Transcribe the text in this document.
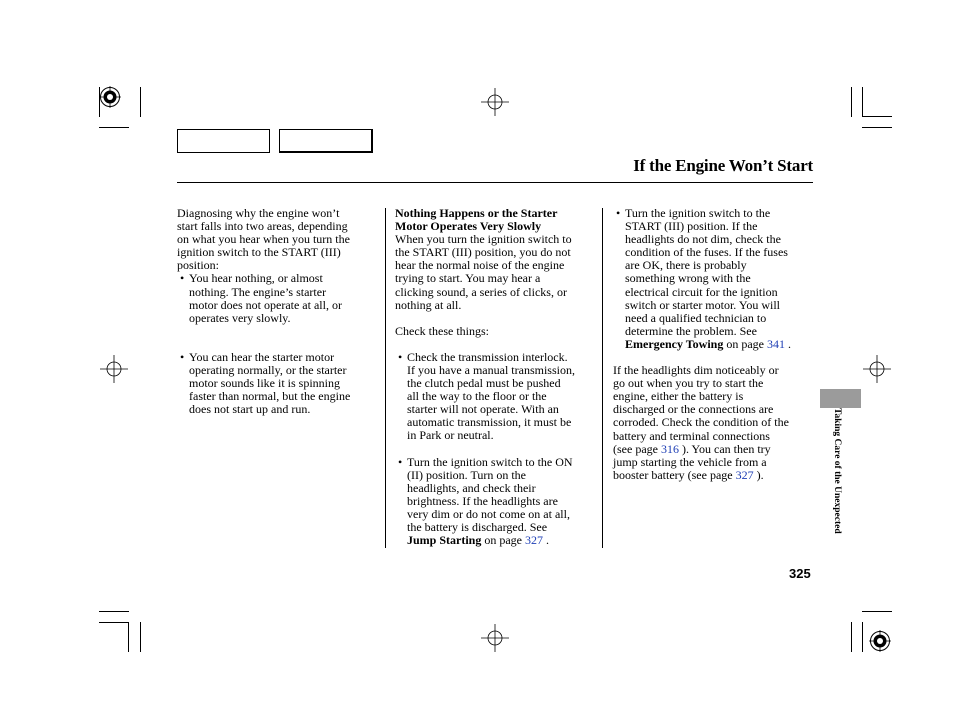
If the Engine Won’t Start

Diagnosing why the engine won’t
start falls into two areas, depending
on what you hear when you turn the
ignition switch to the START (III)
position:

• You hear nothing, or almost
nothing. The engine’s starter
motor does not operate at all, or
operates very slowly.
• You can hear the starter motor
operating normally, or the starter
motor sounds like it is spinning
faster than normal, but the engine
does not start up and run.

Nothing Happens or the Starter
Motor Operates Very Slowly

When you turn the ignition switch to
the START (III) position, you do not
hear the normal noise of the engine
trying to start. You may hear a
clicking sound, a series of clicks, or
nothing at all.

Check these things:

• Check the transmission interlock.
If you have a manual transmission,
the clutch pedal must be pushed
all the way to the floor or the
starter will not operate. With an
automatic transmission, it must be
in Park or neutral.
• Turn the ignition switch to the ON
(II) position. Turn on the
headlights, and check their
brightness. If the headlights are
very dim or do not come on at all,
the battery is discharged. See
Jump Starting on page 327 .
• Turn the ignition switch to the
START (III) position. If the
headlights do not dim, check the
condition of the fuses. If the fuses
are OK, there is probably
something wrong with the
electrical circuit for the ignition
switch or starter motor. You will
need a qualified technician to
determine the problem. See
Emergency Towing on page 341 .

If the headlights dim noticeably or
go out when you try to start the
engine, either the battery is
discharged or the connections are
corroded. Check the condition of the
battery and terminal connections
(see page 316 ). You can then try
jump starting the vehicle from a
booster battery (see page 327 ).	Taking Care of the Unexpected
325
